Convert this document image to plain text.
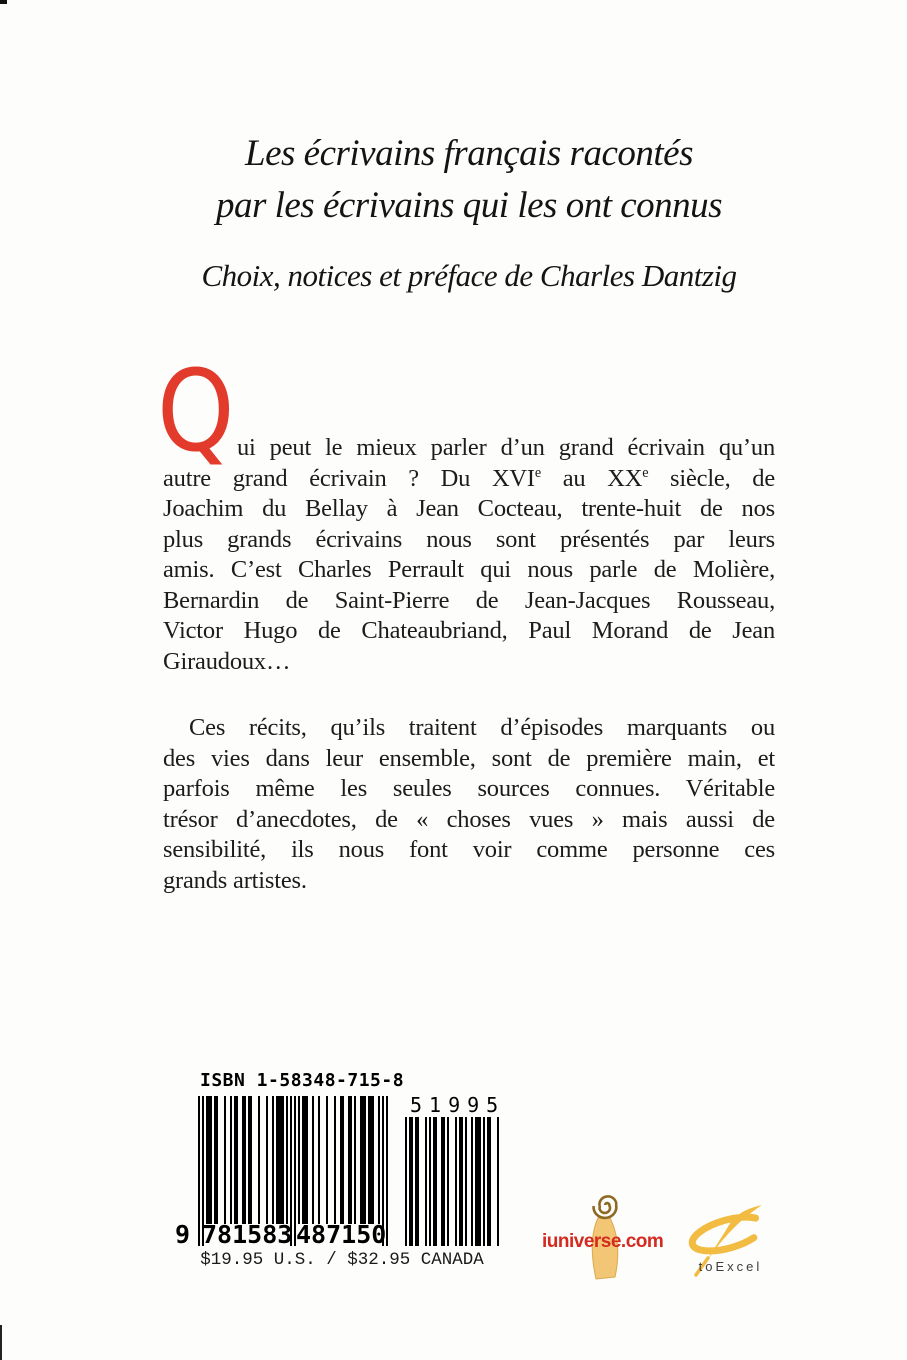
Les écrivains français racontés
par les écrivains qui les ont connus
Choix, notices et préface de Charles Dantzig
Q ui peut le mieux parler d’un grand écrivain qu’un
autre grand écrivain ? Du XVIe au XXe siècle, de
Joachim du Bellay à Jean Cocteau, trente-huit de nos
plus grands écrivains nous sont présentés par leurs
amis. C’est Charles Perrault qui nous parle de Molière,
Bernardin de Saint-Pierre de Jean-Jacques Rousseau,
Victor Hugo de Chateaubriand, Paul Morand de Jean
Giraudoux…
Ces récits, qu’ils traitent d’épisodes marquants ou
des vies dans leur ensemble, sont de première main, et
parfois même les seules sources connues. Véritable
trésor d’anecdotes, de « choses vues » mais aussi de
sensibilité, ils nous font voir comme personne ces
grands artistes.
ISBN 1-58348-715-8
9 781583 487150
51995
$19.95 U.S. / $32.95 CANADA
iuniverse.com
toExcel
